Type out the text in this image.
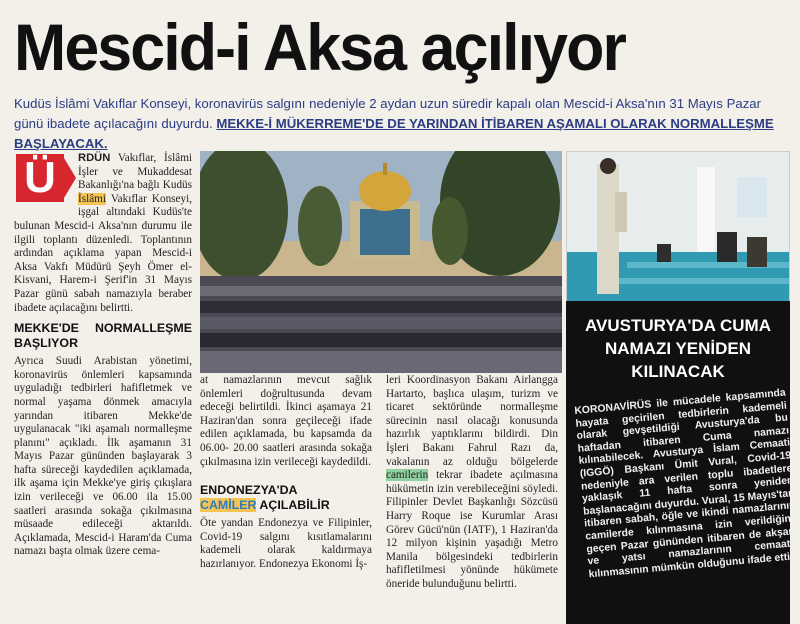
Mescid-i Aksa açılıyor
Kudüs İslâmi Vakıflar Konseyi, koronavirüs salgını nedeniyle 2 aydan uzun süredir kapalı olan Mescid-i Aksa'nın 31 Mayıs Pazar günü ibadete açılacağını duyurdu. MEKKE-İ MÜKERREME'DE DE YARINDAN İTİBAREN AŞAMALI OLARAK NORMALLEŞME BAŞLAYACAK.
Ü	RDÜN Vakıflar, İslâmi İşler ve Mukaddesat Bakanlığı'na bağlı Kudüs İslâmi Vakıflar Konseyi, işgal altındaki Kudüs'te bulunan Mescid-i Aksa'nın durumu ile ilgili toplantı düzenledi. Toplantının ardından açıklama yapan Mescid-i Aksa Vakfı Müdürü Şeyh Ömer el-Kisvani, Harem-i Şerif'in 31 Mayıs Pazar günü sabah namazıyla beraber ibadete açılacağını belirtti.

MEKKE'DE NORMALLEŞME BAŞLIYOR

Ayrıca Suudi Arabistan yönetimi, koronavirüs önlemleri kapsamında uyguladığı tedbirleri hafifletmek ve normal yaşama dönmek amacıyla yarından itibaren Mekke'de uygulanacak "iki aşamalı normalleşme planını" açıkladı. İlk aşamanın 31 Mayıs Pazar gününden başlayarak 3 hafta süreceği kaydedilen açıklamada, ilk aşama için Mekke'ye giriş çıkışlara izin verileceği ve 06.00 ila 15.00 saatleri arasında sokağa çıkılmasına müsaade edileceği aktarıldı. Açıklamada, Mescid-i Haram'da Cuma namazı başta olmak üzere cema-

at namazlarının mevcut sağlık önlemleri doğrultusunda devam edeceği belirtildi. İkinci aşamaya 21 Haziran'dan sonra geçileceği ifade edilen açıklamada, bu kapsamda da 06.00- 20.00 saatleri arasında sokağa çıkılmasına izin verileceği kaydedildi.

ENDONEZYA'DA
CAMİLER AÇILABİLİR

Öte yandan Endonezya ve Filipinler, Covid-19 salgını kısıtlamalarını kademeli olarak kaldırmaya hazırlanıyor. Endonezya Ekonomi İş-

leri Koordinasyon Bakanı Airlangga Hartarto, başlıca ulaşım, turizm ve ticaret sektöründe normalleşme sürecinin nasıl olacağı konusunda hazırlık yaptıklarını bildirdi. Din İşleri Bakanı Fahrul Razı da, vakalanın az olduğu bölgelerde camilerin tekrar ibadete açılmasına hükümetin izin verebileceğini söyledi. Filipinler Devlet Başkanlığı Sözcüsü Harry Roque ise Kurumlar Arası Görev Gücü'nün (IATF), 1 Haziran'da 12 milyon kişinin yaşadığı Metro Manila bölgesindeki tedbirlerin hafifletilmesi yönünde hükümete öneride bulunduğunu belirtti.

AVUSTURYA'DA CUMA NAMAZI YENİDEN KILINACAK

KORONAVİRÜS ile mücadele kapsamında hayata geçirilen tedbirlerin kademeli olarak gevşetildiği Avusturya'da bu haftadan itibaren Cuma namazı kılınabilecek. Avusturya İslam Cemaati (IGGÖ) Başkanı Ümit Vural, Covid-19 nedeniyle ara verilen toplu ibadetlere yaklaşık 11 hafta sonra yeniden başlanacağını duyurdu. Vural, 15 Mayıs'tan itibaren sabah, öğle ve ikindi namazlarının camilerde kılınmasına izin verildiğini, geçen Pazar gününden itibaren de akşam ve yatsı namazlarının cemaatle kılınmasının mümkün olduğunu ifade etti.
